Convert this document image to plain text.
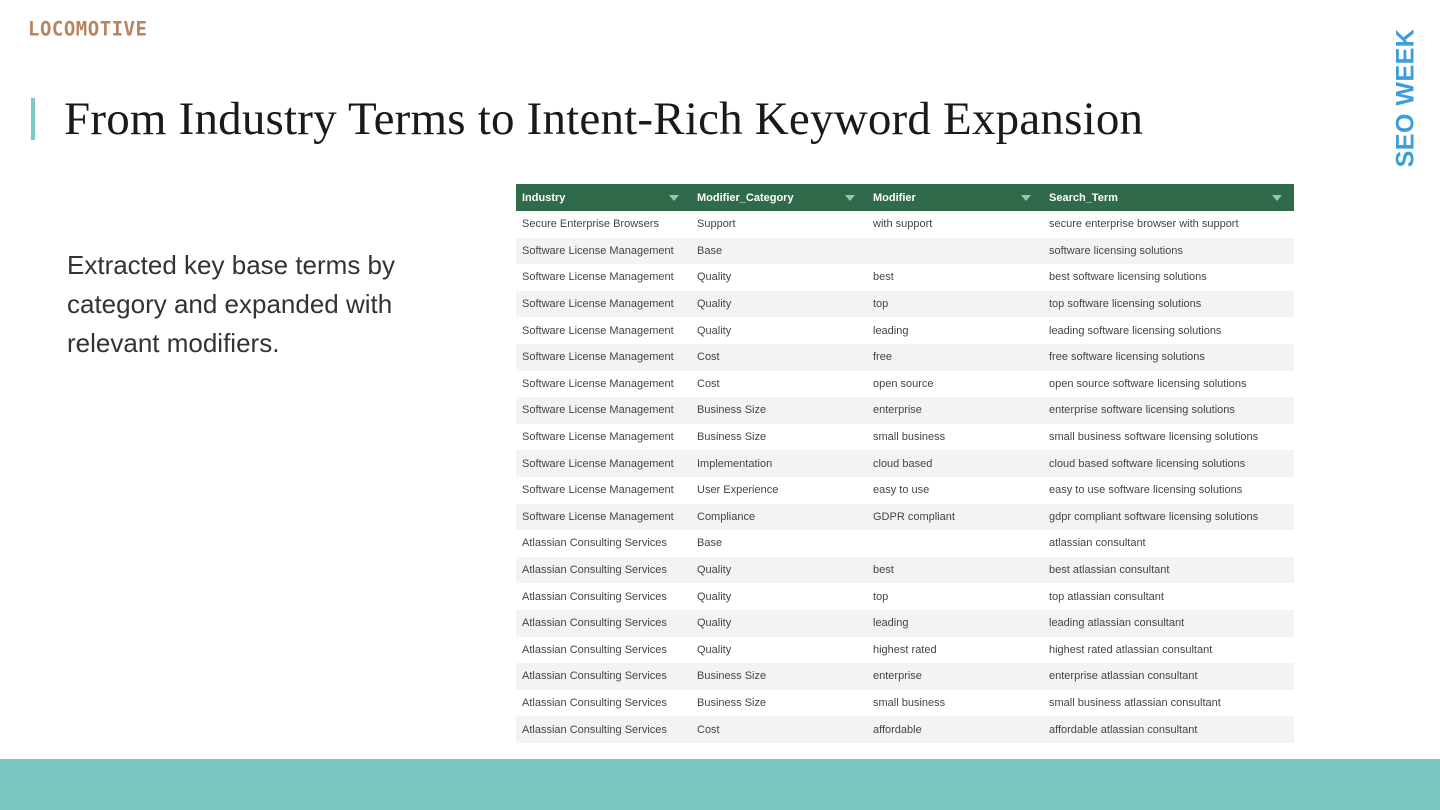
LOCOMOTIVE	SEO WEEK
From Industry Terms to Intent-Rich Keyword Expansion

Extracted key base terms by category and expanded with relevant modifiers.

Industry	Modifier_Category	Modifier	Search_Term

Secure Enterprise Browsers	Support	with support	secure enterprise browser with support
Software License Management	Base		software licensing solutions
Software License Management	Quality	best	best software licensing solutions
Software License Management	Quality	top	top software licensing solutions
Software License Management	Quality	leading	leading software licensing solutions
Software License Management	Cost	free	free software licensing solutions
Software License Management	Cost	open source	open source software licensing solutions
Software License Management	Business Size	enterprise	enterprise software licensing solutions
Software License Management	Business Size	small business	small business software licensing solutions
Software License Management	Implementation	cloud based	cloud based software licensing solutions
Software License Management	User Experience	easy to use	easy to use software licensing solutions
Software License Management	Compliance	GDPR compliant	gdpr compliant software licensing solutions
Atlassian Consulting Services	Base		atlassian consultant
Atlassian Consulting Services	Quality	best	best atlassian consultant
Atlassian Consulting Services	Quality	top	top atlassian consultant
Atlassian Consulting Services	Quality	leading	leading atlassian consultant
Atlassian Consulting Services	Quality	highest rated	highest rated atlassian consultant
Atlassian Consulting Services	Business Size	enterprise	enterprise atlassian consultant
Atlassian Consulting Services	Business Size	small business	small business atlassian consultant
Atlassian Consulting Services	Cost	affordable	affordable atlassian consultant
